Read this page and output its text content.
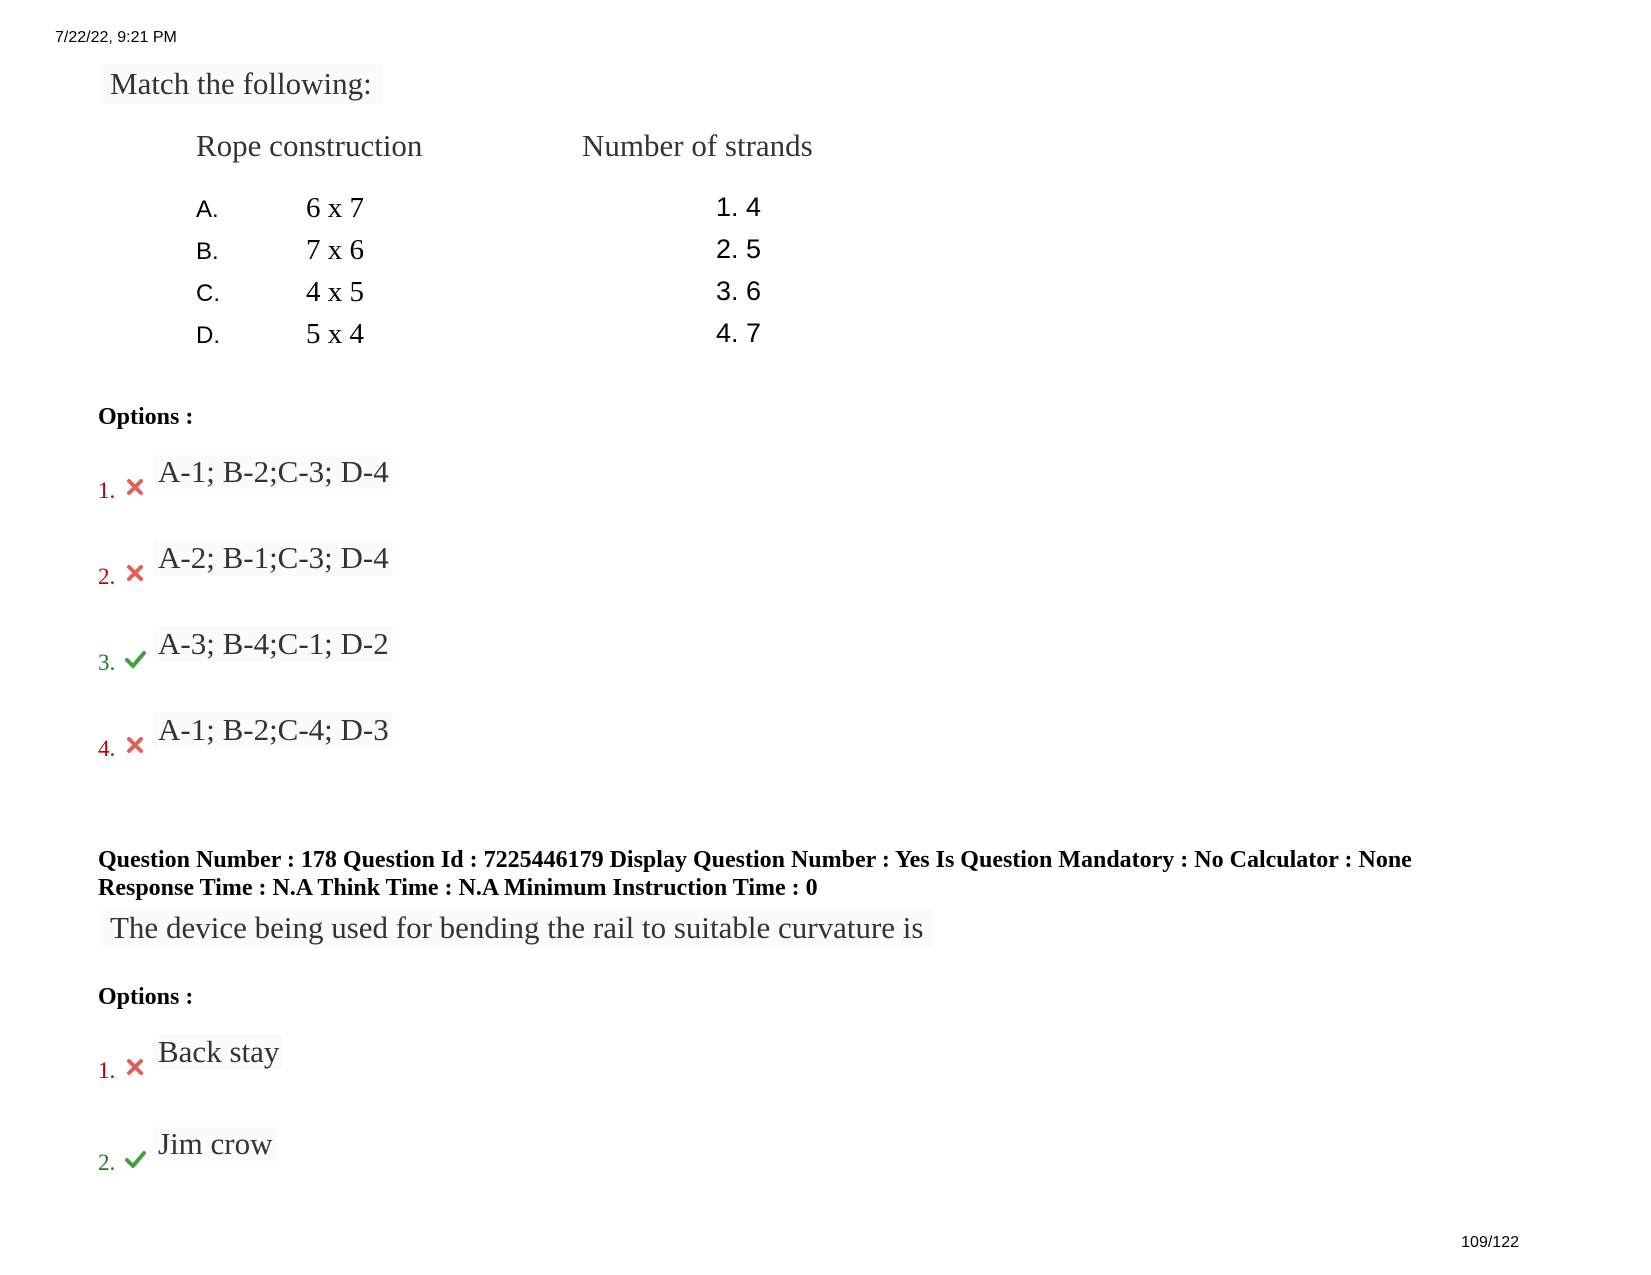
7/22/22, 9:21 PM
109/122
Match the following:
Rope construction	Number of strands
A.	6 x 7	1. 4
B.	7 x 6	2. 5
C.	4 x 5	3. 6
D.	5 x 4	4. 7
Options :
1.
A-1; B-2;C-3; D-4
2.
A-2; B-1;C-3; D-4
3.
A-3; B-4;C-1; D-2
4.
A-1; B-2;C-4; D-3
Question Number : 178 Question Id : 7225446179 Display Question Number : Yes Is Question Mandatory : No Calculator : None
Response Time : N.A Think Time : N.A Minimum Instruction Time : 0
The device being used for bending the rail to suitable curvature is
Options :
1.
Back stay
2.
Jim crow
